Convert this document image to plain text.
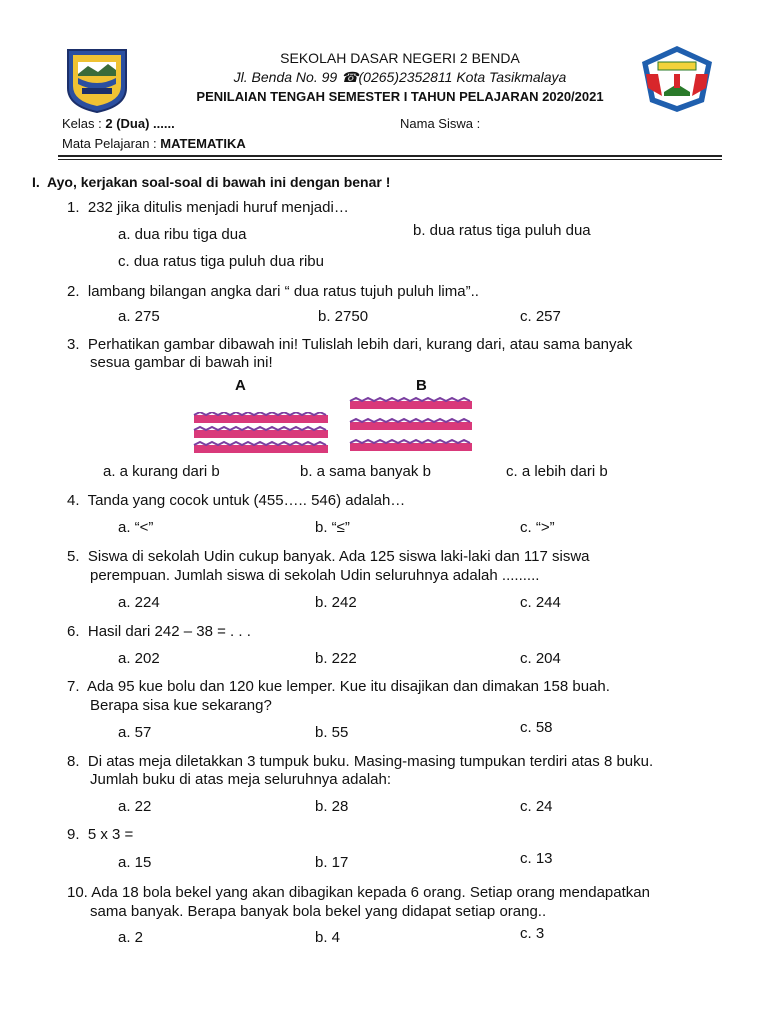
SEKOLAH DASAR NEGERI 2 BENDA
Jl. Benda No. 99 ☎(0265)2352811 Kota Tasikmalaya
PENILAIAN TENGAH SEMESTER I TAHUN PELAJARAN 2020/2021
Kelas : 2 (Dua) ......	Nama Siswa :
Mata Pelajaran : MATEMATIKA
I. Ayo, kerjakan soal-soal di bawah ini dengan benar !
1. 232 jika ditulis menjadi huruf menjadi…
a. dua ribu tiga dua	b. dua ratus tiga puluh dua
c. dua ratus tiga puluh dua ribu
2. lambang bilangan angka dari “ dua ratus tujuh puluh lima”..
a. 275	b. 2750	c. 257
3. Perhatikan gambar dibawah ini! Tulislah lebih dari, kurang dari, atau sama banyak
sesua gambar di bawah ini!
A	B
a. a kurang dari b	b. a sama banyak b	c. a lebih dari b
4. Tanda yang cocok untuk (455….. 546) adalah…
a. “<”	b. “≤”	c. “>”
5. Siswa di sekolah Udin cukup banyak. Ada 125 siswa laki-laki dan 117 siswa
perempuan. Jumlah siswa di sekolah Udin seluruhnya adalah .........
a. 224	b. 242	c. 244
6. Hasil dari 242 – 38 = . . .
a. 202	b. 222	c. 204
7. Ada 95 kue bolu dan 120 kue lemper. Kue itu disajikan dan dimakan 158 buah.
Berapa sisa kue sekarang?
a. 57	b. 55	c. 58
8. Di atas meja diletakkan 3 tumpuk buku. Masing-masing tumpukan terdiri atas 8 buku.
Jumlah buku di atas meja seluruhnya adalah:
a. 22	b. 28	c. 24
9. 5 x 3 =
a. 15	b. 17	c. 13
10. Ada 18 bola bekel yang akan dibagikan kepada 6 orang. Setiap orang mendapatkan
sama banyak. Berapa banyak bola bekel yang didapat setiap orang..
a. 2	b. 4	c. 3
